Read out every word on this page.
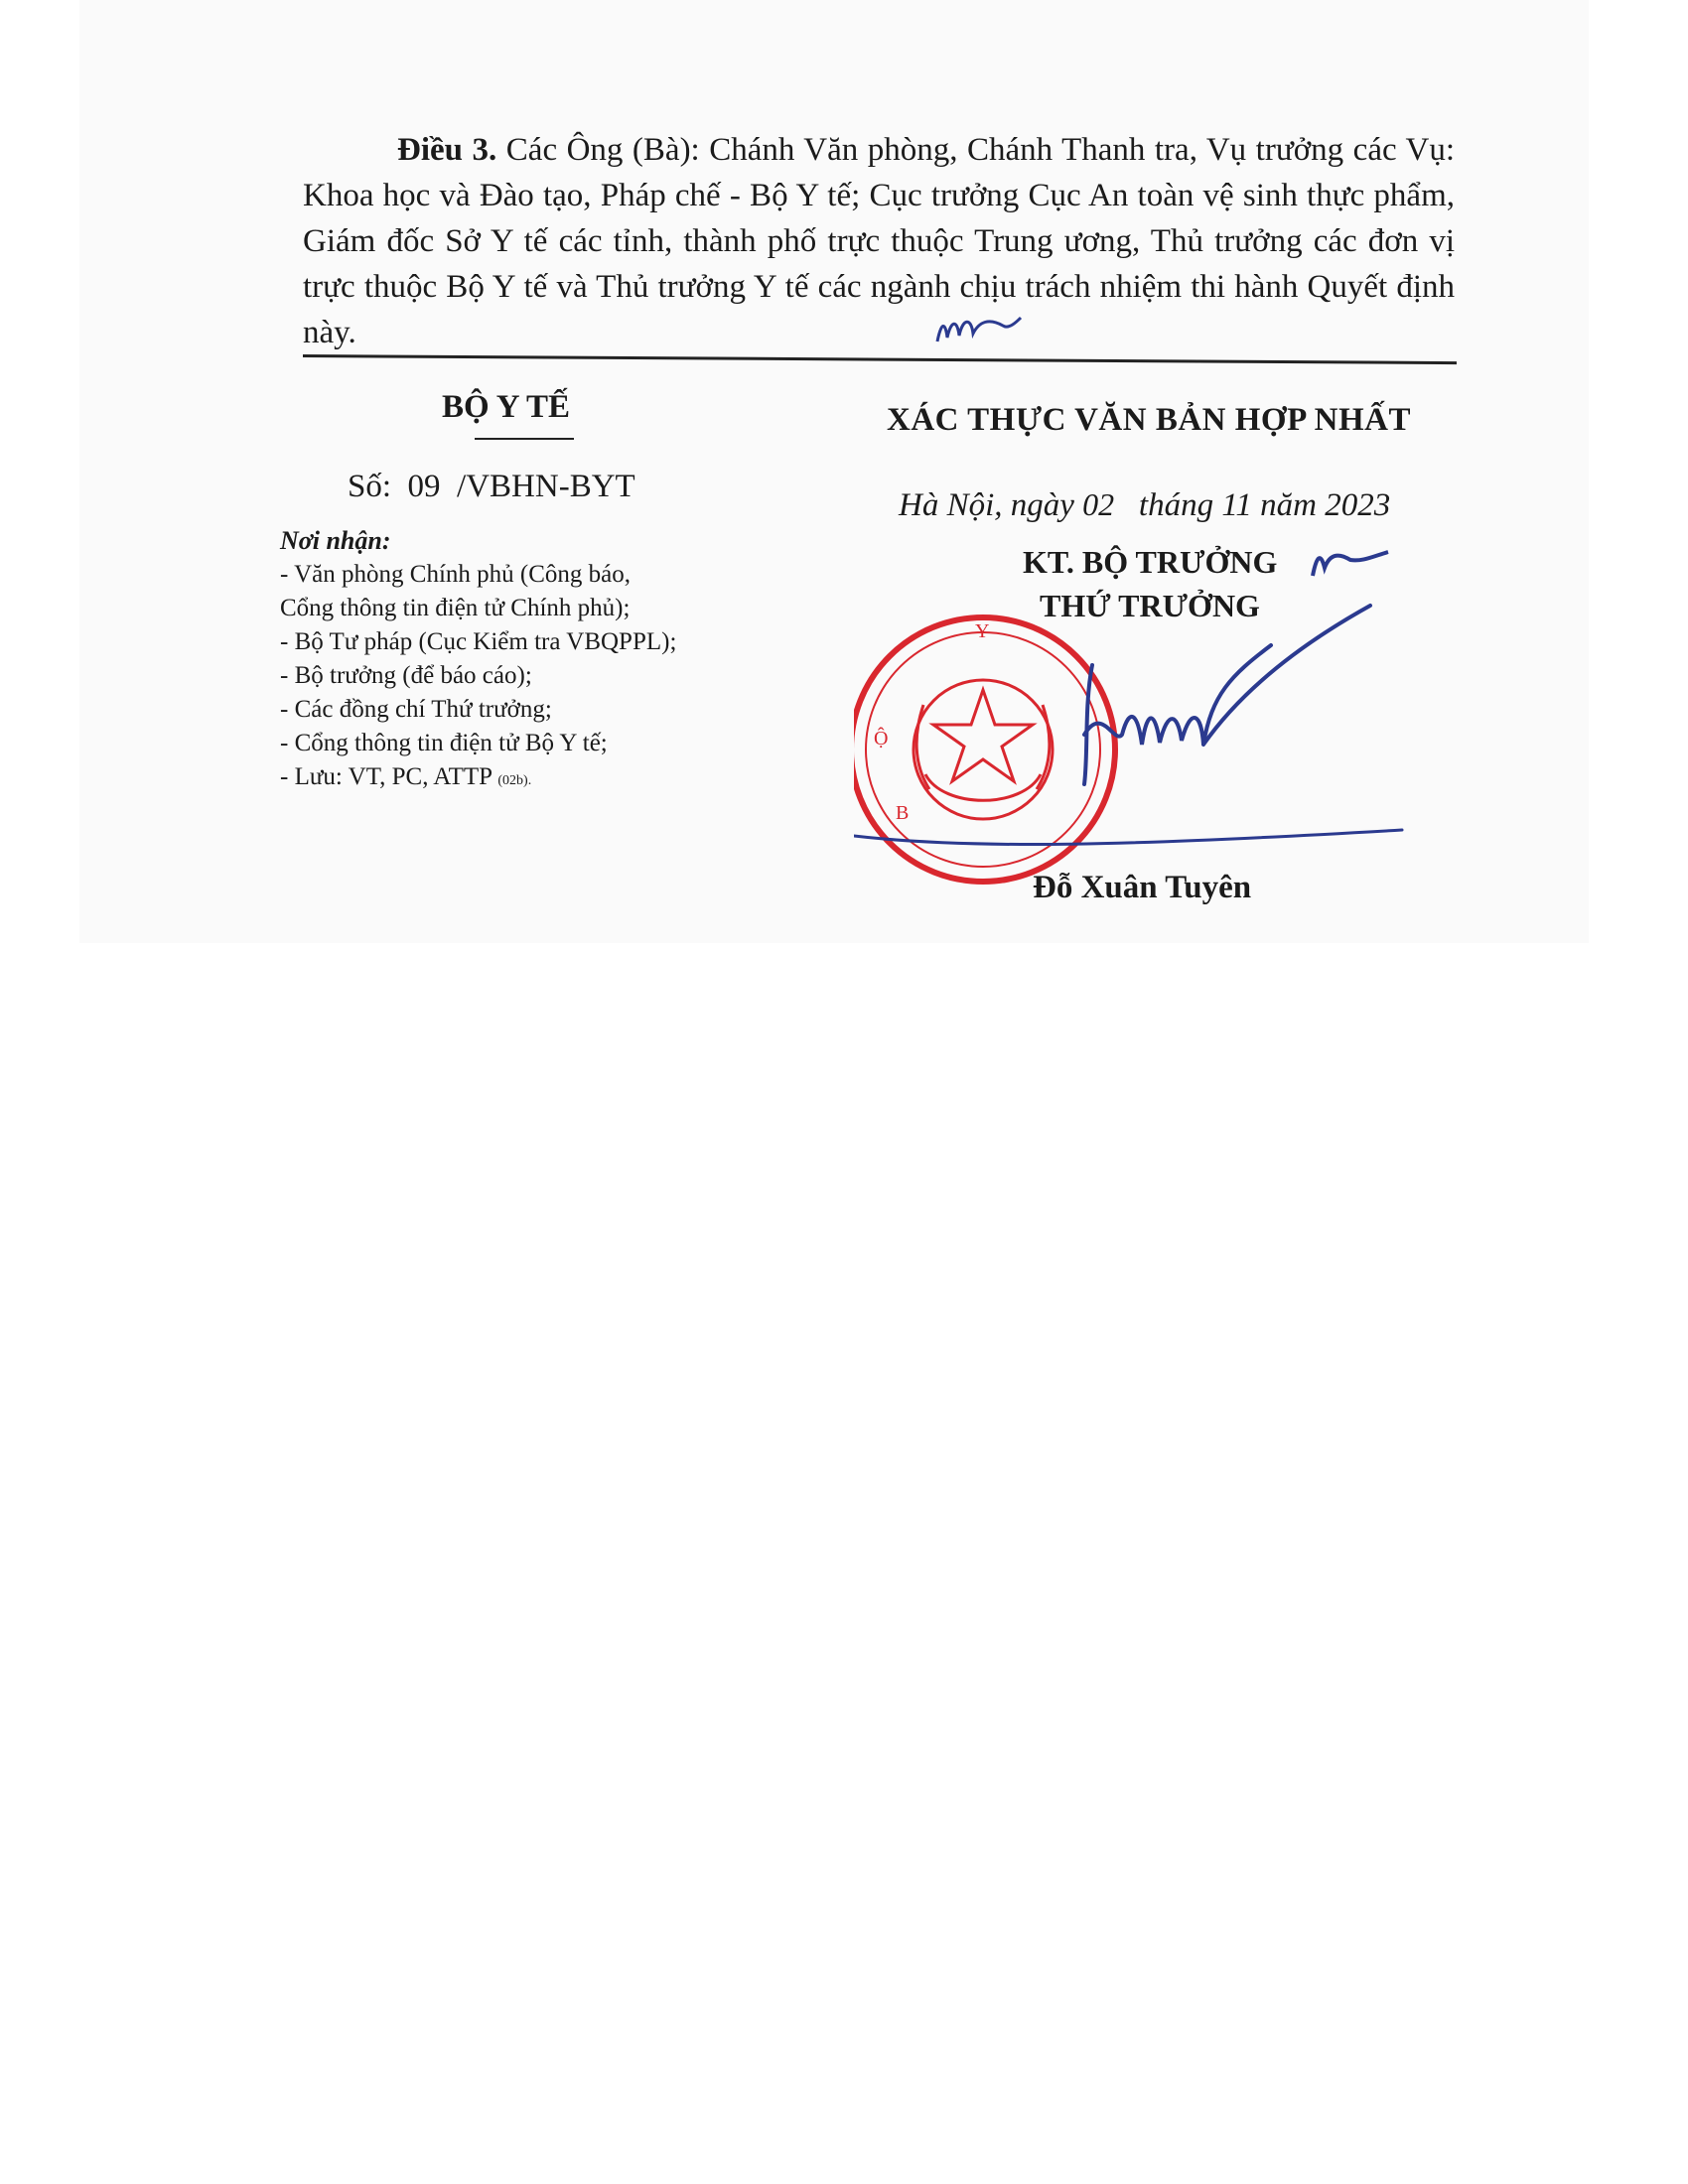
Điều 3. Các Ông (Bà): Chánh Văn phòng, Chánh Thanh tra, Vụ trưởng các Vụ: Khoa học và Đào tạo, Pháp chế - Bộ Y tế; Cục trưởng Cục An toàn vệ sinh thực phẩm, Giám đốc Sở Y tế các tỉnh, thành phố trực thuộc Trung ương, Thủ trưởng các đơn vị trực thuộc Bộ Y tế và Thủ trưởng Y tế các ngành chịu trách nhiệm thi hành Quyết định này.
BỘ Y TẾ	XÁC THỰC VĂN BẢN HỢP NHẤT
Số: 09 /VBHN-BYT
Hà Nội, ngày 02 tháng 11 năm 2023
KT. BỘ TRƯỞNG
THỨ TRƯỞNG
Nơi nhận:
- Văn phòng Chính phủ (Công báo,
Cổng thông tin điện tử Chính phủ);
- Bộ Tư pháp (Cục Kiểm tra VBQPPL);
- Bộ trưởng (để báo cáo);
- Các đồng chí Thứ trưởng;
- Cổng thông tin điện tử Bộ Y tế;
- Lưu: VT, PC, ATTP (02b).
Y
Ộ
B
Đỗ Xuân Tuyên
